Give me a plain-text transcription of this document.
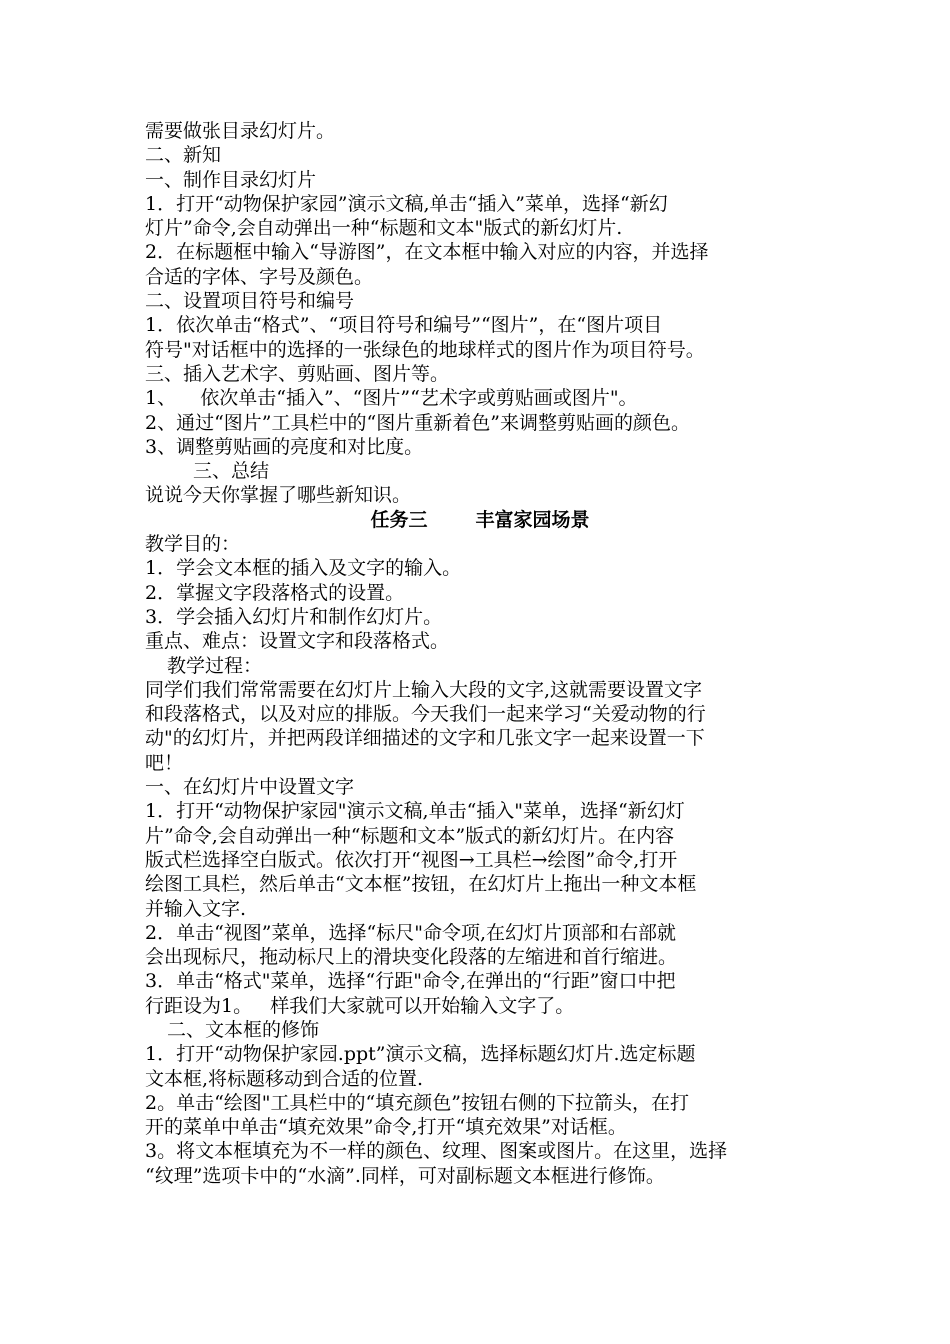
需要做张目录幻灯片。
二、新知
一、制作目录幻灯片
1．打开“动物保护家园”演示文稿,单击“插入”菜单，选择“新幻
灯片”命令,会自动弹出一种“标题和文本"版式的新幻灯片.
2．在标题框中输入“导游图”，在文本框中输入对应的内容，并选择
合适的字体、字号及颜色。
二、设置项目符号和编号
1．依次单击“格式”、“项目符号和编号”“图片”，在“图片项目
符号"对话框中的选择的一张绿色的地球样式的图片作为项目符号。
三、插入艺术字、剪贴画、图片等。
1、    依次单击“插入”、“图片”“艺术字或剪贴画或图片"。
2、通过“图片”工具栏中的“图片重新着色”来调整剪贴画的颜色。
3、调整剪贴画的亮度和对比度。
三、总结
说说今天你掌握了哪些新知识。
任务三	丰富家园场景
教学目的：
1．学会文本框的插入及文字的输入。
2．掌握文字段落格式的设置。
3．学会插入幻灯片和制作幻灯片。
重点、难点：设置文字和段落格式。
教学过程：
同学们我们常常需要在幻灯片上输入大段的文字,这就需要设置文字
和段落格式，以及对应的排版。今天我们一起来学习“关爱动物的行
动"的幻灯片，并把两段详细描述的文字和几张文字一起来设置一下
吧！
一、在幻灯片中设置文字
1．打开“动物保护家园"演示文稿,单击“插入"菜单，选择“新幻灯
片”命令,会自动弹出一种“标题和文本”版式的新幻灯片。在内容
版式栏选择空白版式。依次打开“视图→工具栏→绘图”命令,打开
绘图工具栏，然后单击“文本框”按钮，在幻灯片上拖出一种文本框
并输入文字.
2．单击“视图”菜单，选择“标尺"命令项,在幻灯片顶部和右部就
会出现标尺，拖动标尺上的滑块变化段落的左缩进和首行缩进。
3．单击“格式"菜单，选择“行距"命令,在弹出的“行距”窗口中把
行距设为1。   样我们大家就可以开始输入文字了。
二、文本框的修饰
1．打开“动物保护家园.ppt”演示文稿，选择标题幻灯片.选定标题
文本框,将标题移动到合适的位置.
2。单击“绘图"工具栏中的“填充颜色”按钮右侧的下拉箭头，在打
开的菜单中单击“填充效果”命令,打开“填充效果”对话框。
3。将文本框填充为不一样的颜色、纹理、图案或图片。在这里，选择
“纹理”选项卡中的“水滴”.同样，可对副标题文本框进行修饰。
